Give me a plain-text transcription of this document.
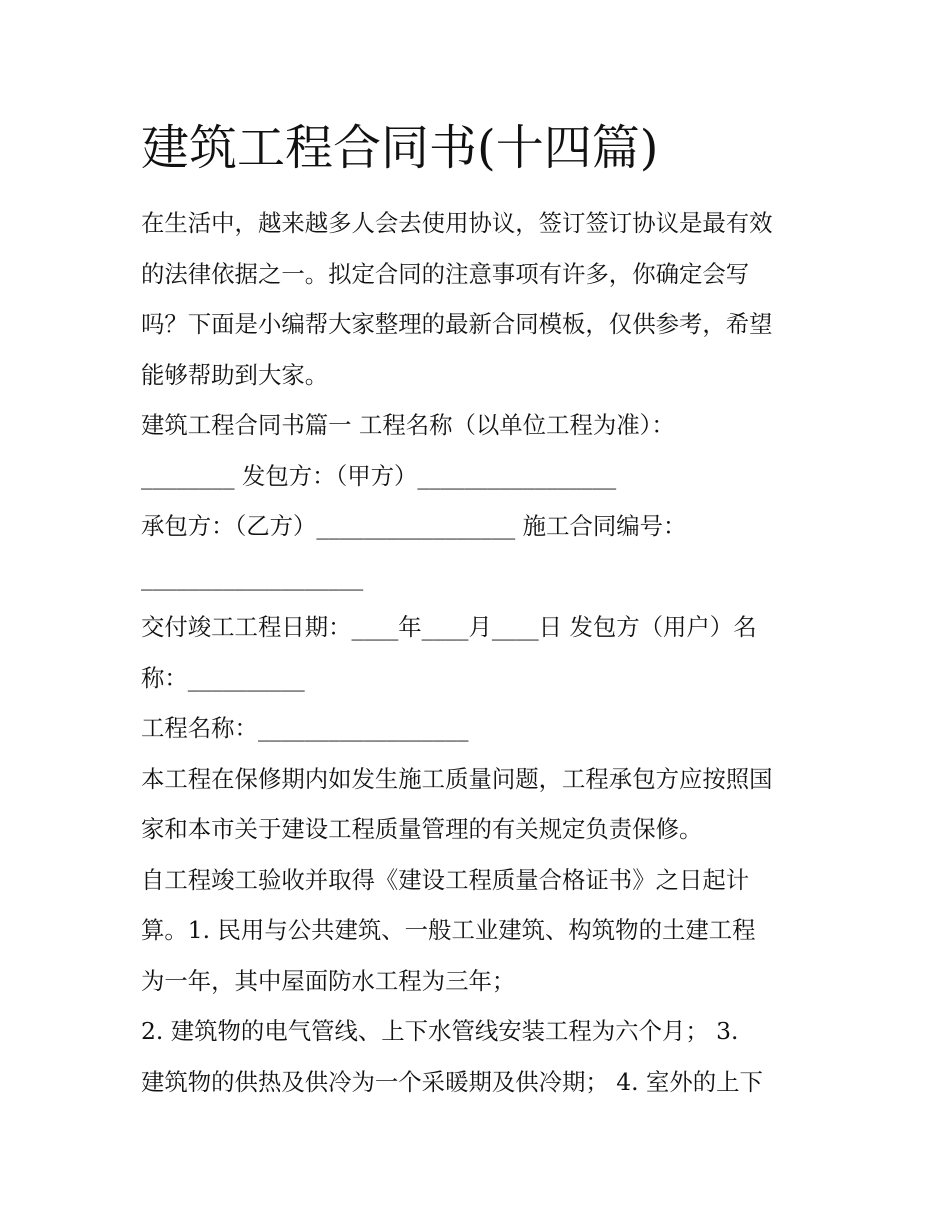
建筑工程合同书(十四篇)
在生活中，越来越多人会去使用协议，签订签订协议是最有效
的法律依据之一。拟定合同的注意事项有许多，你确定会写
吗？下面是小编帮大家整理的最新合同模板，仅供参考，希望
能够帮助到大家。
建筑工程合同书篇一 工程名称（以单位工程为准）：
________ 发包方：（甲方）_________________
承包方：（乙方）_________________ 施工合同编号：
___________________
交付竣工工程日期：____年____月____日 发包方（用户）名
称：__________
工程名称：__________________
本工程在保修期内如发生施工质量问题，工程承包方应按照国
家和本市关于建设工程质量管理的有关规定负责保修。
自工程竣工验收并取得《建设工程质量合格证书》之日起计
算。1. 民用与公共建筑、一般工业建筑、构筑物的土建工程
为一年，其中屋面防水工程为三年；
2. 建筑物的电气管线、上下水管线安装工程为六个月； 3.
建筑物的供热及供冷为一个采暖期及供冷期； 4. 室外的上下
